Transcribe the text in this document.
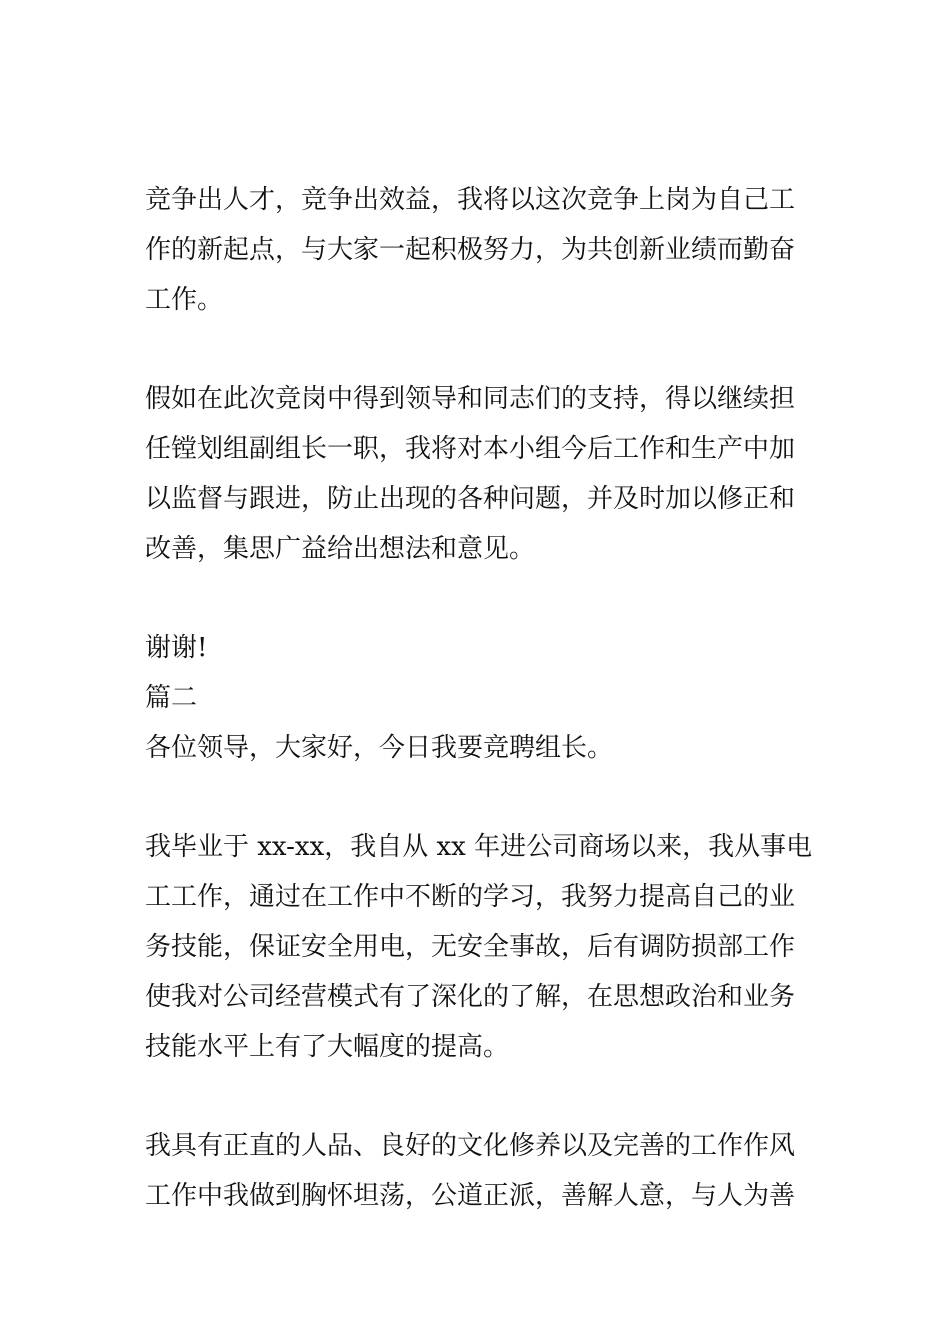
竞争出人才，竞争出效益，我将以这次竞争上岗为自己工
作的新起点，与大家一起积极努力，为共创新业绩而勤奋
工作。
假如在此次竞岗中得到领导和同志们的支持，得以继续担
任镗划组副组长一职，我将对本小组今后工作和生产中加
以监督与跟进，防止出现的各种问题，并及时加以修正和
改善，集思广益给出想法和意见。
谢谢!
篇二
各位领导，大家好，今日我要竞聘组长。
我毕业于 xx-xx，我自从 xx 年进公司商场以来，我从事电
工工作，通过在工作中不断的学习，我努力提高自己的业
务技能，保证安全用电，无安全事故，后有调防损部工作
使我对公司经营模式有了深化的了解，在思想政治和业务
技能水平上有了大幅度的提高。
我具有正直的人品、良好的文化修养以及完善的工作作风
工作中我做到胸怀坦荡，公道正派，善解人意，与人为善
